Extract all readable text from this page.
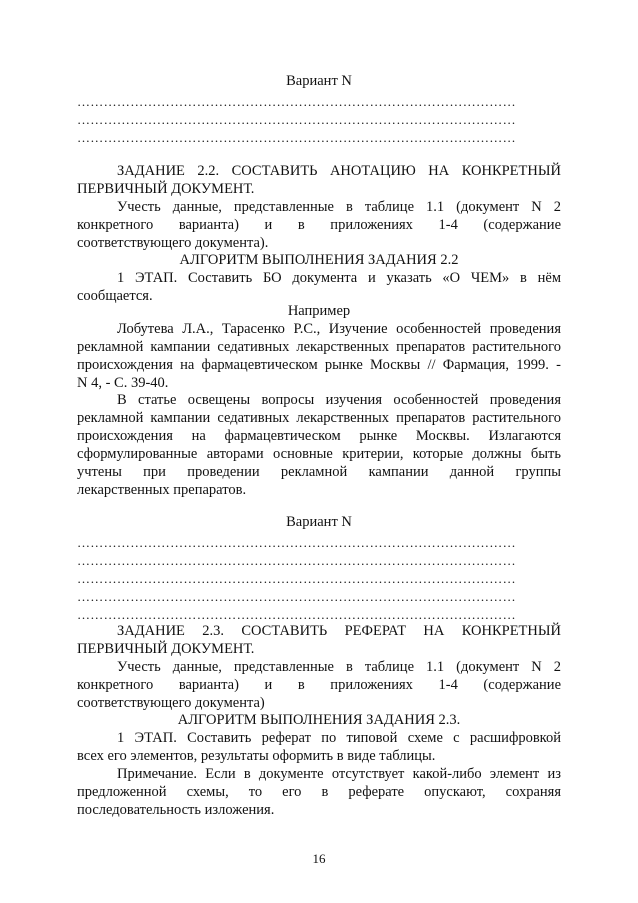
Вариант N
………………………………………………………………………………………
………………………………………………………………………………………
………………………………………………………………………………………
ЗАДАНИЕ 2.2. СОСТАВИТЬ АНОТАЦИЮ НА КОНКРЕТНЫЙ
ПЕРВИЧНЫЙ ДОКУМЕНТ.
Учесть данные, представленные в таблице 1.1 (документ N 2
конкретного варианта) и в приложениях 1-4 (содержание
соответствующего документа).
АЛГОРИТМ ВЫПОЛНЕНИЯ ЗАДАНИЯ 2.2
1 ЭТАП. Составить БО документа и указать «О ЧЕМ» в нём
сообщается.
Например
Лобутева Л.А., Тарасенко Р.С., Изучение особенностей проведения
рекламной кампании седативных лекарственных препаратов растительного
происхождения на фармацевтическом рынке Москвы // Фармация, 1999. -
N 4, - С. 39-40.
В статье освещены вопросы изучения особенностей проведения
рекламной кампании седативных лекарственных препаратов растительного
происхождения на фармацевтическом рынке Москвы. Излагаются
сформулированные авторами основные критерии, которые должны быть
учтены при проведении рекламной кампании данной группы
лекарственных препаратов.
Вариант N
………………………………………………………………………………………
………………………………………………………………………………………
………………………………………………………………………………………
………………………………………………………………………………………
………………………………………………………………………………………
ЗАДАНИЕ 2.3. СОСТАВИТЬ РЕФЕРАТ НА КОНКРЕТНЫЙ
ПЕРВИЧНЫЙ ДОКУМЕНТ.
Учесть данные, представленные в таблице 1.1 (документ N 2
конкретного варианта) и в приложениях 1-4 (содержание
соответствующего документа)
АЛГОРИТМ ВЫПОЛНЕНИЯ ЗАДАНИЯ 2.3.
1 ЭТАП. Составить реферат по типовой схеме с расшифровкой
всех его элементов, результаты оформить в виде таблицы.
Примечание. Если в документе отсутствует какой-либо элемент из
предложенной схемы, то его в реферате опускают, сохраняя
последовательность изложения.
16
